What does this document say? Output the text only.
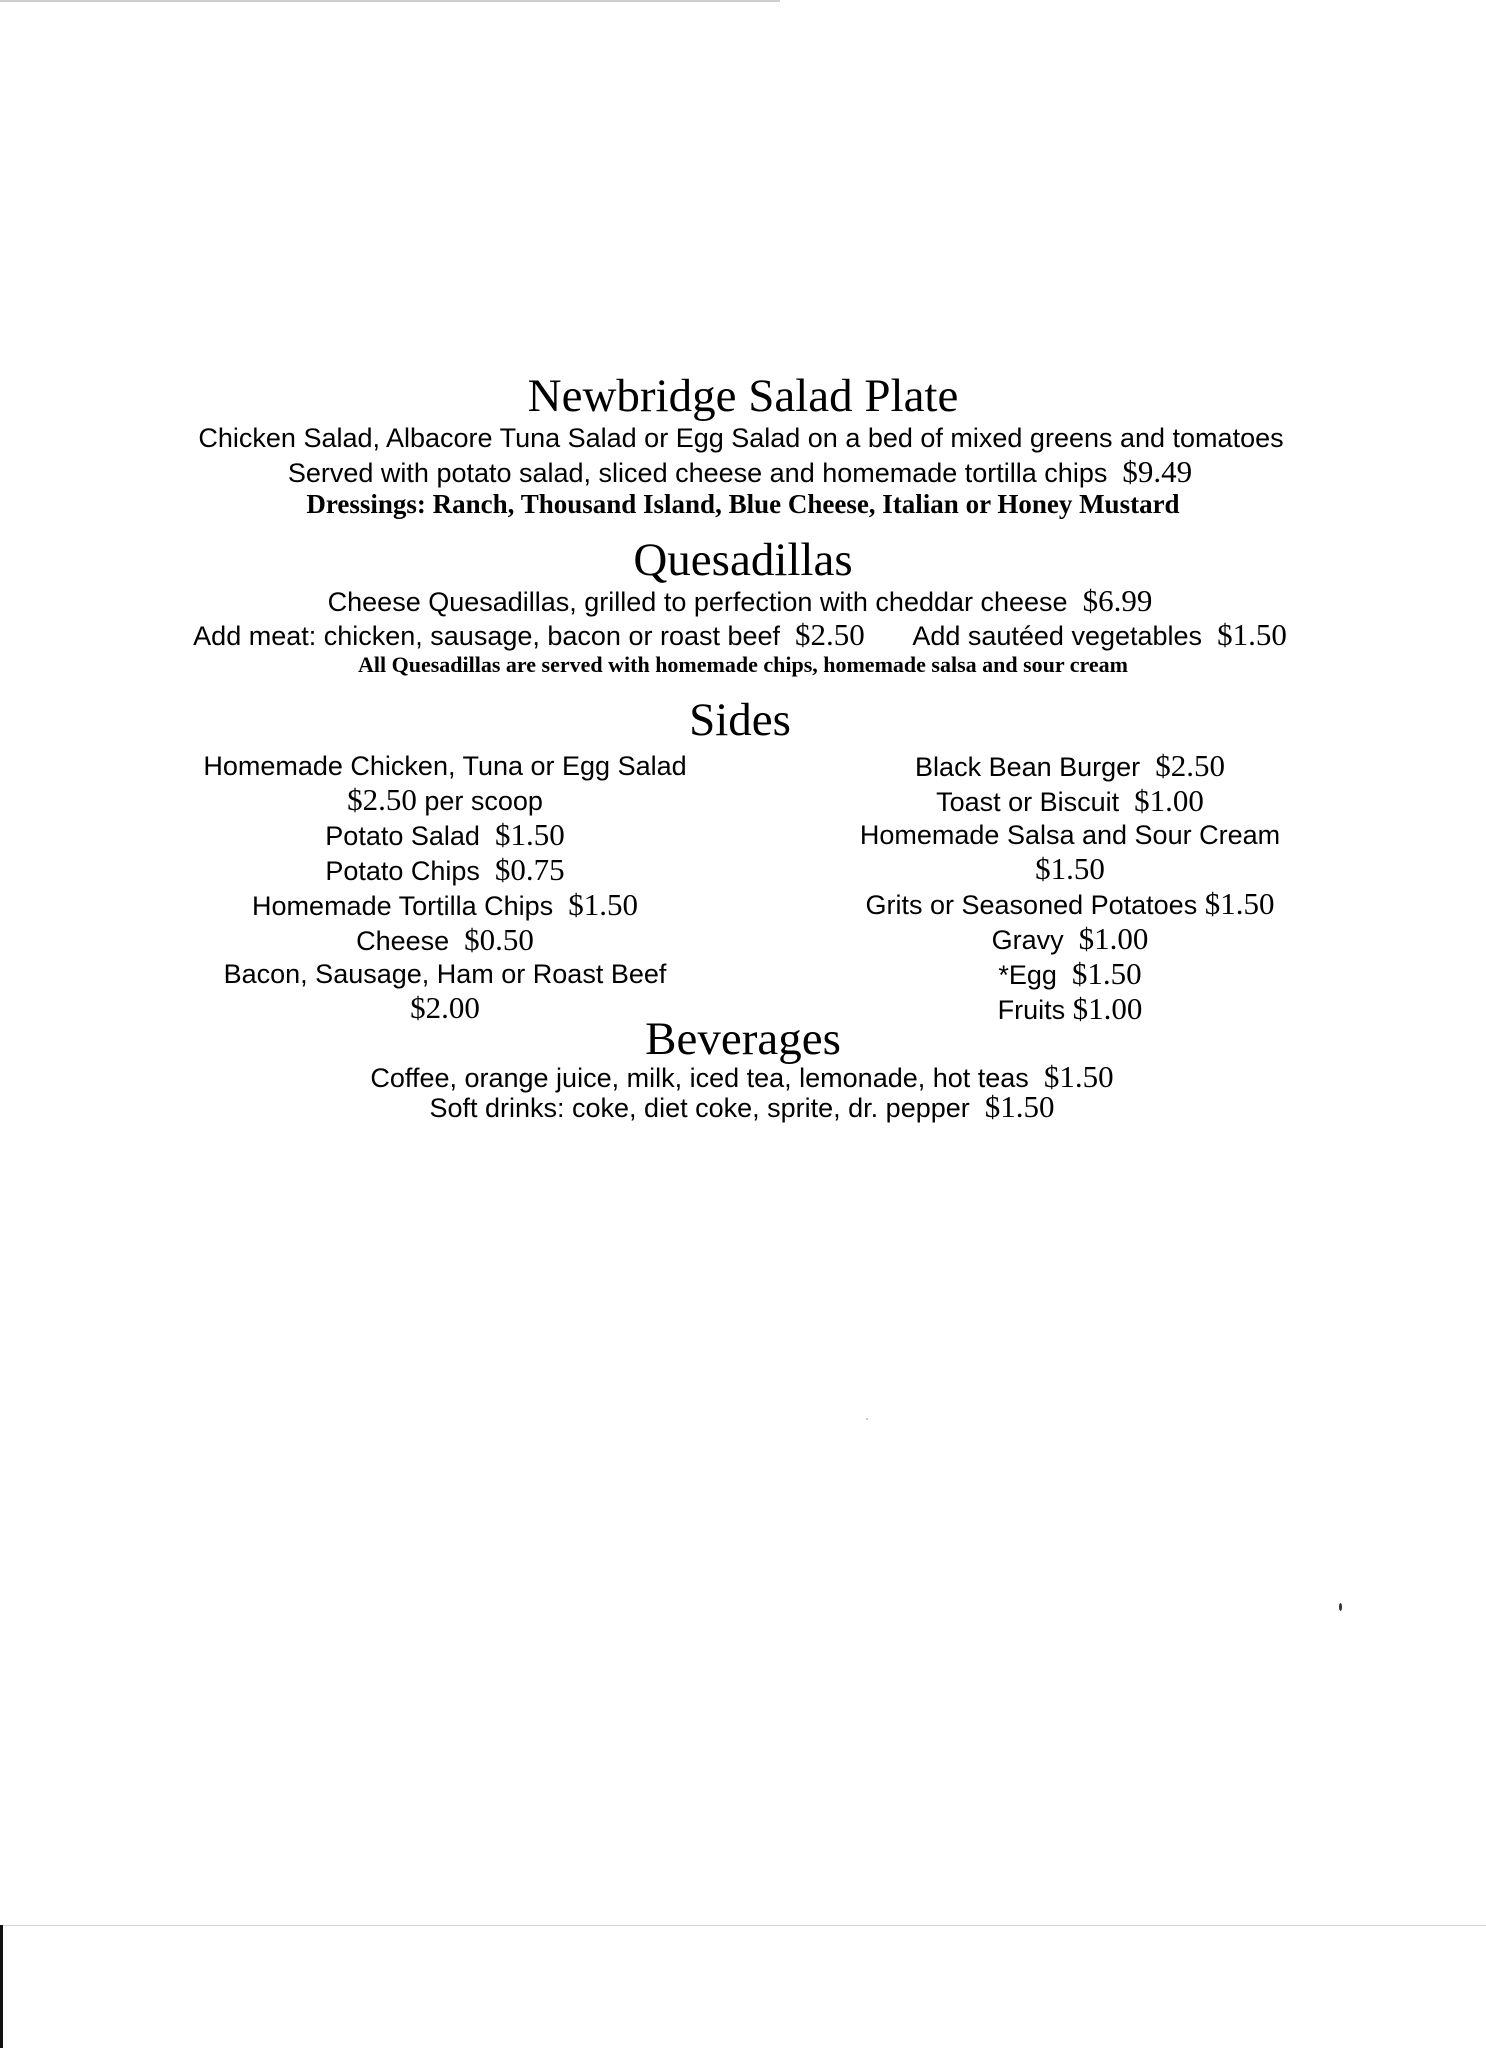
Newbridge Salad Plate
Chicken Salad, Albacore Tuna Salad or Egg Salad on a bed of mixed greens and tomatoes
Served with potato salad, sliced cheese and homemade tortilla chips $9.49
Dressings: Ranch, Thousand Island, Blue Cheese, Italian or Honey Mustard
Quesadillas
Cheese Quesadillas, grilled to perfection with cheddar cheese $6.99
Add meat: chicken, sausage, bacon or roast beef $2.50 Add sautéed vegetables $1.50
All Quesadillas are served with homemade chips, homemade salsa and sour cream
Sides
Homemade Chicken, Tuna or Egg Salad
$2.50 per scoop
Potato Salad $1.50
Potato Chips $0.75
Homemade Tortilla Chips $1.50
Cheese $0.50
Bacon, Sausage, Ham or Roast Beef
$2.00
Black Bean Burger $2.50
Toast or Biscuit $1.00
Homemade Salsa and Sour Cream
$1.50
Grits or Seasoned Potatoes $1.50
Gravy $1.00
*Egg $1.50
Fruits $1.00
Beverages
Coffee, orange juice, milk, iced tea, lemonade, hot teas $1.50
Soft drinks: coke, diet coke, sprite, dr. pepper $1.50
